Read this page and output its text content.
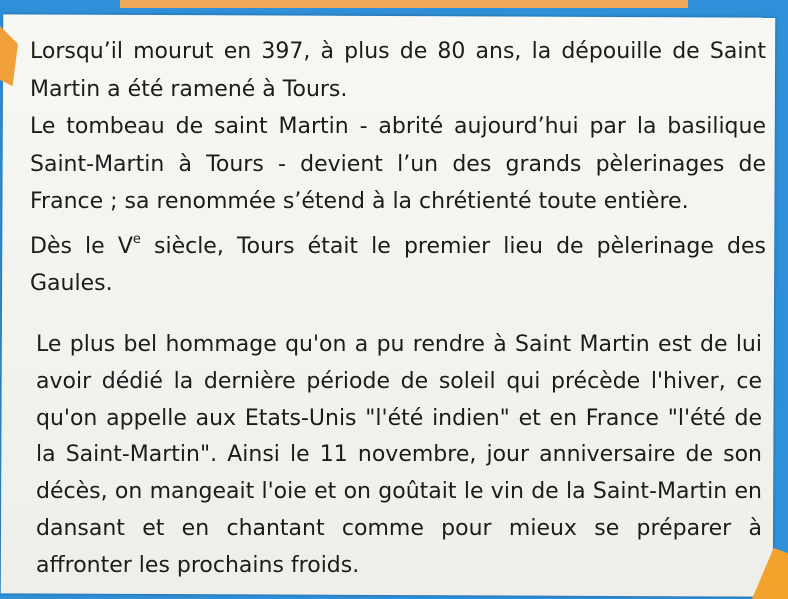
Lorsqu’il mourut en 397, à plus de 80 ans, la dépouille de Saint
Martin a été ramené à Tours.
Le tombeau de saint Martin - abrité aujourd’hui par la basilique
Saint-Martin à Tours - devient l’un des grands pèlerinages de
France ; sa renommée s’étend à la chrétienté toute entière.
Dès le Ve siècle, Tours était le premier lieu de pèlerinage des
Gaules.
Le plus bel hommage qu'on a pu rendre à Saint Martin est de lui
avoir dédié la dernière période de soleil qui précède l'hiver, ce
qu'on appelle aux Etats-Unis "l'été indien" et en France "l'été de
la Saint-Martin". Ainsi le 11 novembre, jour anniversaire de son
décès, on mangeait l'oie et on goûtait le vin de la Saint-Martin en
dansant et en chantant comme pour mieux se préparer à
affronter les prochains froids.
